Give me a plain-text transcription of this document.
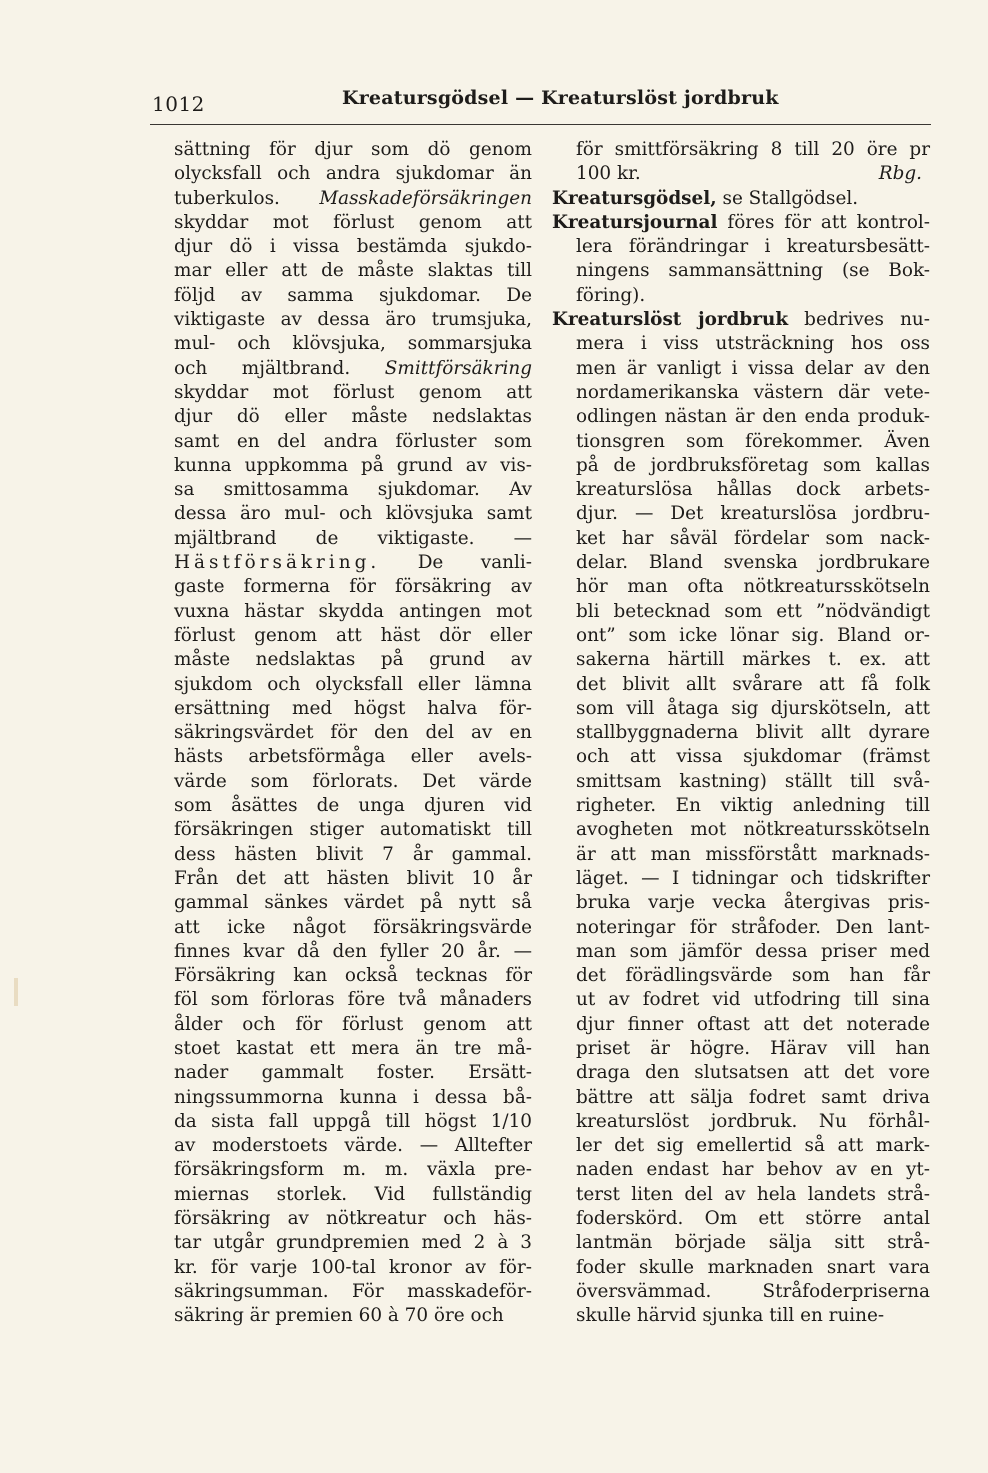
1012	Kreatursgödsel — Kreaturslöst jordbruk
sättning för djur som dö genom
olycksfall och andra sjukdomar än
tuberkulos. Masskadeförsäkringen
skyddar mot förlust genom att
djur dö i vissa bestämda sjukdo-
mar eller att de måste slaktas till
följd av samma sjukdomar. De
viktigaste av dessa äro trumsjuka,
mul- och klövsjuka, sommarsjuka
och mjältbrand. Smittförsäkring
skyddar mot förlust genom att
djur dö eller måste nedslaktas
samt en del andra förluster som
kunna uppkomma på grund av vis-
sa smittosamma sjukdomar. Av
dessa äro mul- och klövsjuka samt
mjältbrand de viktigaste. —
Hästförsäkring. De vanli-
gaste formerna för försäkring av
vuxna hästar skydda antingen mot
förlust genom att häst dör eller
måste nedslaktas på grund av
sjukdom och olycksfall eller lämna
ersättning med högst halva för-
säkringsvärdet för den del av en
hästs arbetsförmåga eller avels-
värde som förlorats. Det värde
som åsättes de unga djuren vid
försäkringen stiger automatiskt till
dess hästen blivit 7 år gammal.
Från det att hästen blivit 10 år
gammal sänkes värdet på nytt så
att icke något försäkringsvärde
finnes kvar då den fyller 20 år. —
Försäkring kan också tecknas för
föl som förloras före två månaders
ålder och för förlust genom att
stoet kastat ett mera än tre må-
nader gammalt foster. Ersätt-
ningssummorna kunna i dessa bå-
da sista fall uppgå till högst 1/10
av moderstoets värde. — Alltefter
försäkringsform m. m. växla pre-
miernas storlek. Vid fullständig
försäkring av nötkreatur och häs-
tar utgår grundpremien med 2 à 3
kr. för varje 100-tal kronor av för-
säkringsumman. För masskadeför-
säkring är premien 60 à 70 öre och
för smittförsäkring 8 till 20 öre pr
100 kr.	Rbg.
Kreatursgödsel, se Stallgödsel.
Kreatursjournal föres för att kontrol-
lera förändringar i kreatursbesätt-
ningens sammansättning (se Bok-
föring).
Kreaturslöst jordbruk bedrives nu-
mera i viss utsträckning hos oss
men är vanligt i vissa delar av den
nordamerikanska västern där vete-
odlingen nästan är den enda produk-
tionsgren som förekommer. Även
på de jordbruksföretag som kallas
kreaturslösa hållas dock arbets-
djur. — Det kreaturslösa jordbru-
ket har såväl fördelar som nack-
delar. Bland svenska jordbrukare
hör man ofta nötkreatursskötseln
bli betecknad som ett ”nödvändigt
ont” som icke lönar sig. Bland or-
sakerna härtill märkes t. ex. att
det blivit allt svårare att få folk
som vill åtaga sig djurskötseln, att
stallbyggnaderna blivit allt dyrare
och att vissa sjukdomar (främst
smittsam kastning) ställt till svå-
righeter. En viktig anledning till
avogheten mot nötkreatursskötseln
är att man missförstått marknads-
läget. — I tidningar och tidskrifter
bruka varje vecka återgivas pris-
noteringar för stråfoder. Den lant-
man som jämför dessa priser med
det förädlingsvärde som han får
ut av fodret vid utfodring till sina
djur finner oftast att det noterade
priset är högre. Härav vill han
draga den slutsatsen att det vore
bättre att sälja fodret samt driva
kreaturslöst jordbruk. Nu förhål-
ler det sig emellertid så att mark-
naden endast har behov av en yt-
terst liten del av hela landets strå-
foderskörd. Om ett större antal
lantmän började sälja sitt strå-
foder skulle marknaden snart vara
översvämmad. Stråfoderpriserna
skulle härvid sjunka till en ruine-
